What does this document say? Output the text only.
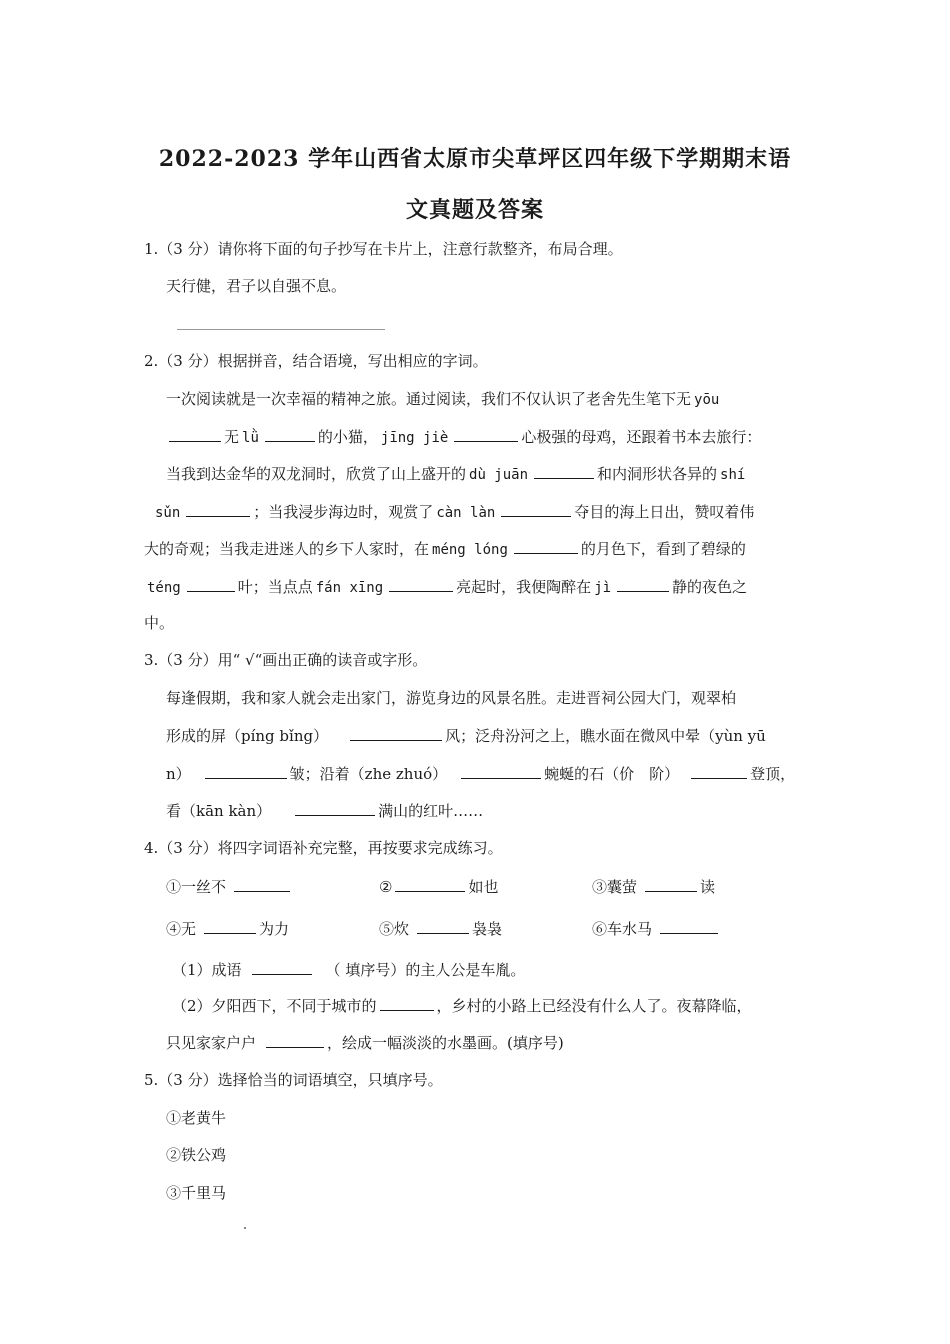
2022-2023 学年山西省太原市尖草坪区四年级下学期期末语
文真题及答案
1.（3 分）请你将下面的句子抄写在卡片上，注意行款整齐，布局合理。
天行健，君子以自强不息。
2.（3 分）根据拼音，结合语境，写出相应的字词。
一次阅读就是一次幸福的精神之旅。通过阅读，我们不仅认识了老舍先生笔下无 yōu
无 lǜ	的小猫， jīng jiè	心极强的母鸡，还跟着书本去旅行：
当我到达金华的双龙洞时，欣赏了山上盛开的 dù juān	和内洞形状各异的 shí
sǔn	；当我浸步海边时，观赏了 càn làn	夺目的海上日出，赞叹着伟
大的奇观；当我走进迷人的乡下人家时，在 méng lóng	的月色下，看到了碧绿的
téng	叶；当点点 fán xīng	亮起时，我便陶醉在 jì	静的夜色之
中。
3.（3 分）用“ √“画出正确的读音或字形。
每逢假期，我和家人就会走出家门，游览身边的风景名胜。走进晋祠公园大门，观翠柏
形成的屏（píng bǐng）	风；泛舟汾河之上，瞧水面在微风中晕（yùn yū
n）	皱；沿着（zhe zhuó）	蜿蜒的石（价　阶）	登顶，
看（kān kàn）	满山的红叶……
4.（3 分）将四字词语补充完整，再按要求完成练习。
①一丝不	②	如也	③囊萤	读
④无	为力	⑤炊	袅袅	⑥车水马
（1）成语	（ 填序号）的主人公是车胤。
（2）夕阳西下，不同于城市的	，乡村的小路上已经没有什么人了。夜幕降临，
只见家家户户	，绘成一幅淡淡的水墨画。(填序号)
5.（3 分）选择恰当的词语填空，只填序号。
①老黄牛
②铁公鸡
③千里马
